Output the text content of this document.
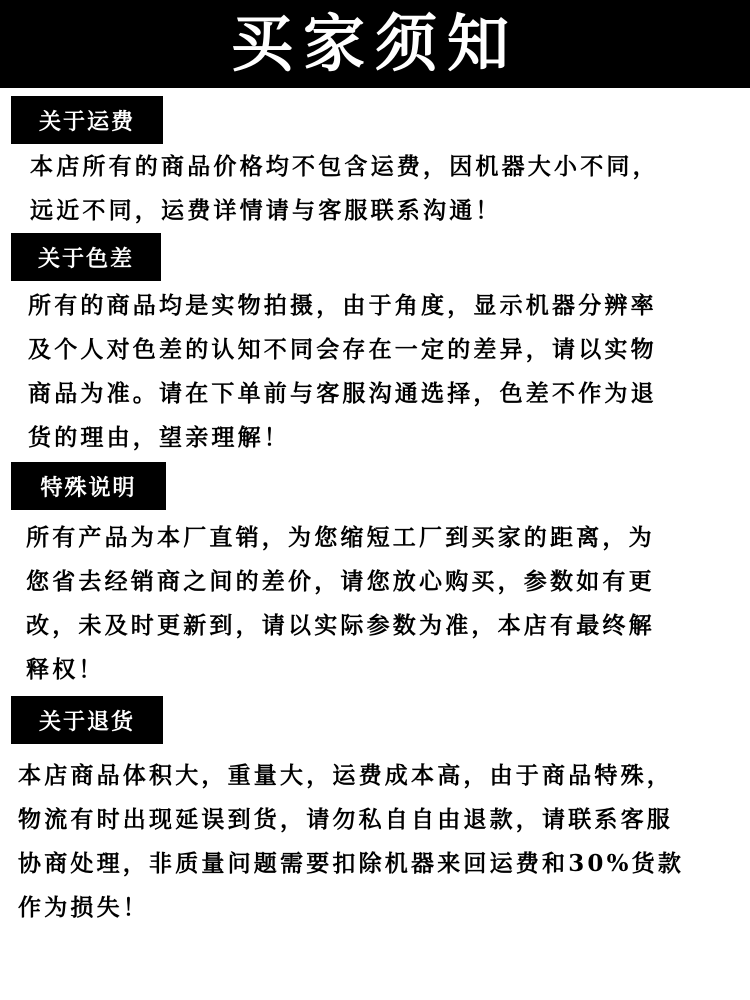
买家须知
关于运费

本店所有的商品价格均不包含运费，因机器大小不同，
远近不同，运费详情请与客服联系沟通！

关于色差

所有的商品均是实物拍摄，由于角度，显示机器分辨率
及个人对色差的认知不同会存在一定的差异，请以实物
商品为准。请在下单前与客服沟通选择，色差不作为退
货的理由，望亲理解！

特殊说明

所有产品为本厂直销，为您缩短工厂到买家的距离，为
您省去经销商之间的差价，请您放心购买，参数如有更
改，未及时更新到，请以实际参数为准，本店有最终解
释权！

关于退货

本店商品体积大，重量大，运费成本高，由于商品特殊，
物流有时出现延误到货，请勿私自自由退款，请联系客服
协商处理，非质量问题需要扣除机器来回运费和30%货款
作为损失！
